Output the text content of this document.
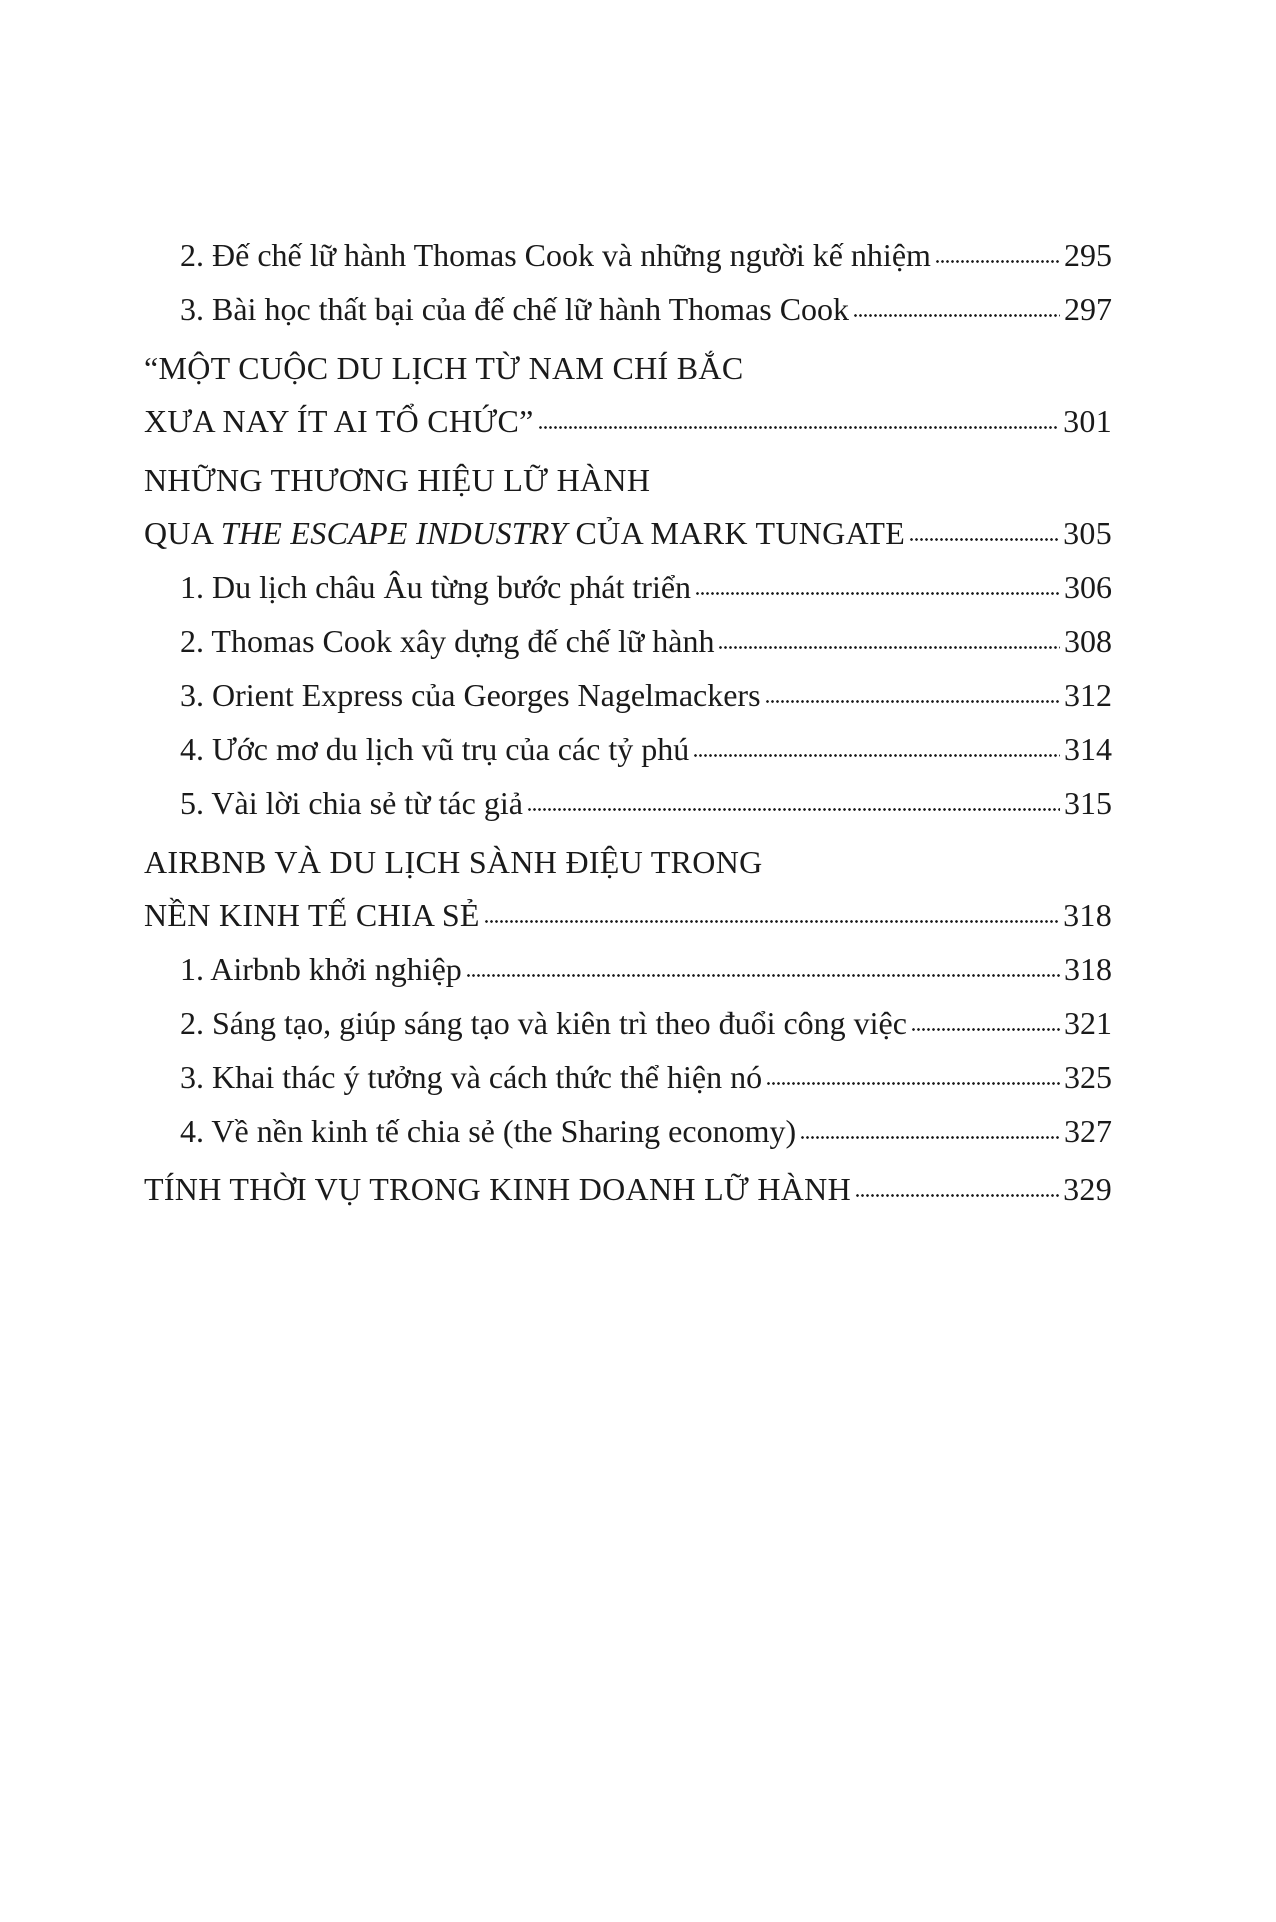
2. Đế chế lữ hành Thomas Cook và những người kế nhiệm	295
3. Bài học thất bại của đế chế lữ hành Thomas Cook	297
“MỘT CUỘC DU LỊCH TỪ NAM CHÍ BẮC
XƯA NAY ÍT AI TỔ CHỨC”	301
NHỮNG THƯƠNG HIỆU LỮ HÀNH
QUA THE ESCAPE INDUSTRY CỦA MARK TUNGATE	305
1. Du lịch châu Âu từng bước phát triển	306
2. Thomas Cook xây dựng đế chế lữ hành	308
3. Orient Express của Georges Nagelmackers	312
4. Ước mơ du lịch vũ trụ của các tỷ phú	314
5. Vài lời chia sẻ từ tác giả	315
AIRBNB VÀ DU LỊCH SÀNH ĐIỆU TRONG
NỀN KINH TẾ CHIA SẺ	318
1. Airbnb khởi nghiệp	318
2. Sáng tạo, giúp sáng tạo và kiên trì theo đuổi công việc	321
3. Khai thác ý tưởng và cách thức thể hiện nó	325
4. Về nền kinh tế chia sẻ (the Sharing economy)	327
TÍNH THỜI VỤ TRONG KINH DOANH LỮ HÀNH	329
